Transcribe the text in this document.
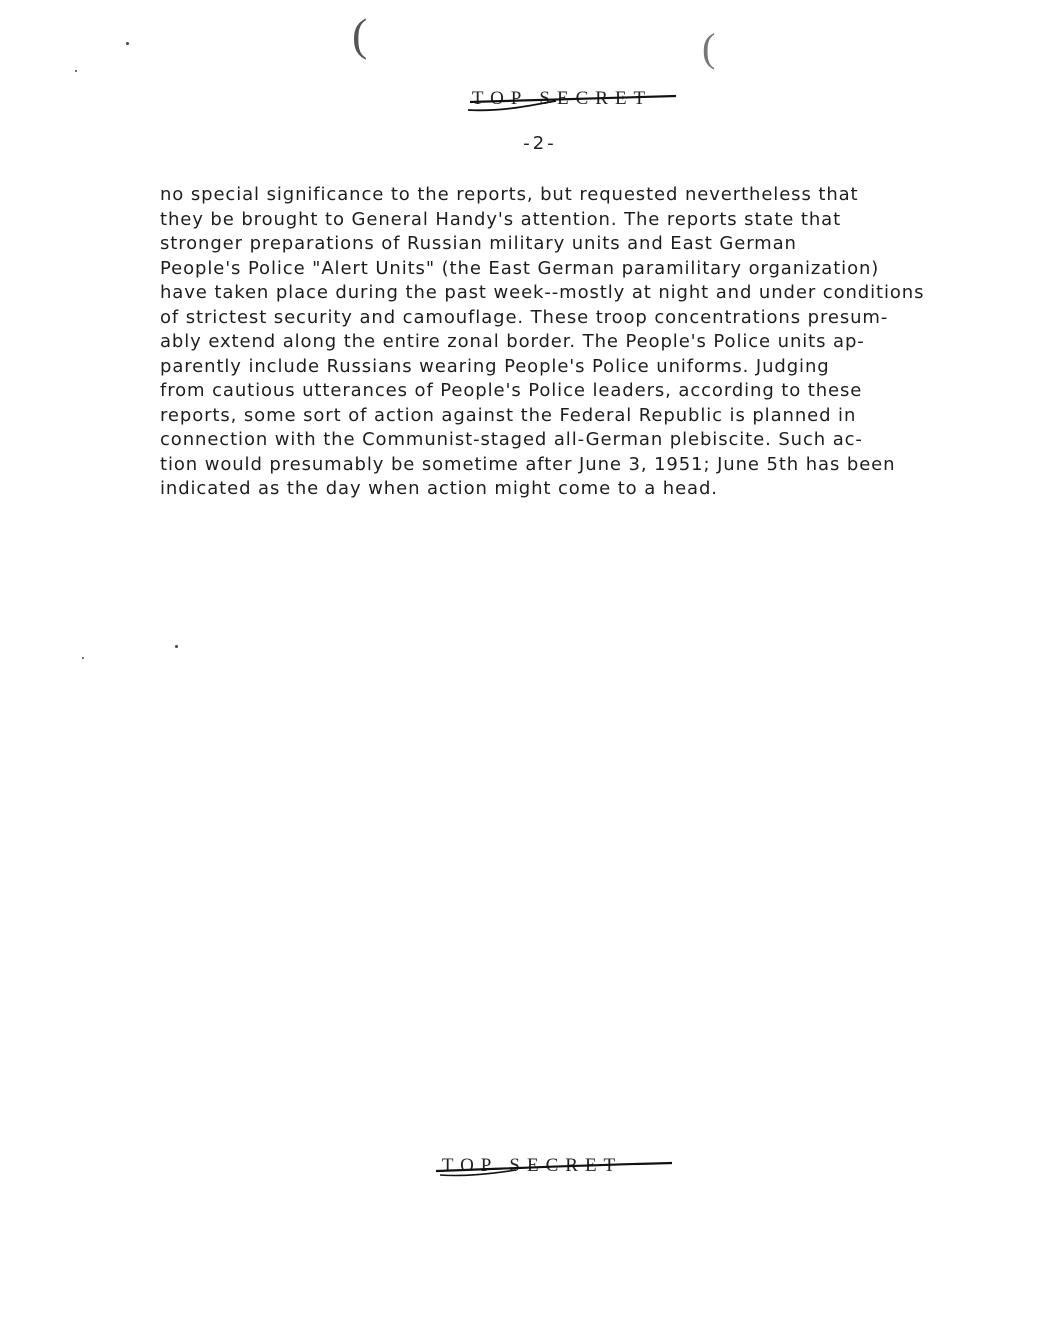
(	(
TOP SECRET
-2-
no special significance to the reports, but requested nevertheless that
they be brought to General Handy's attention. The reports state that
stronger preparations of Russian military units and East German
People's Police "Alert Units" (the East German paramilitary organization)
have taken place during the past week--mostly at night and under conditions
of strictest security and camouflage. These troop concentrations presum-
ably extend along the entire zonal border. The People's Police units ap-
parently include Russians wearing People's Police uniforms. Judging
from cautious utterances of People's Police leaders, according to these
reports, some sort of action against the Federal Republic is planned in
connection with the Communist-staged all-German plebiscite. Such ac-
tion would presumably be sometime after June 3, 1951; June 5th has been
indicated as the day when action might come to a head.
TOP SECRET
